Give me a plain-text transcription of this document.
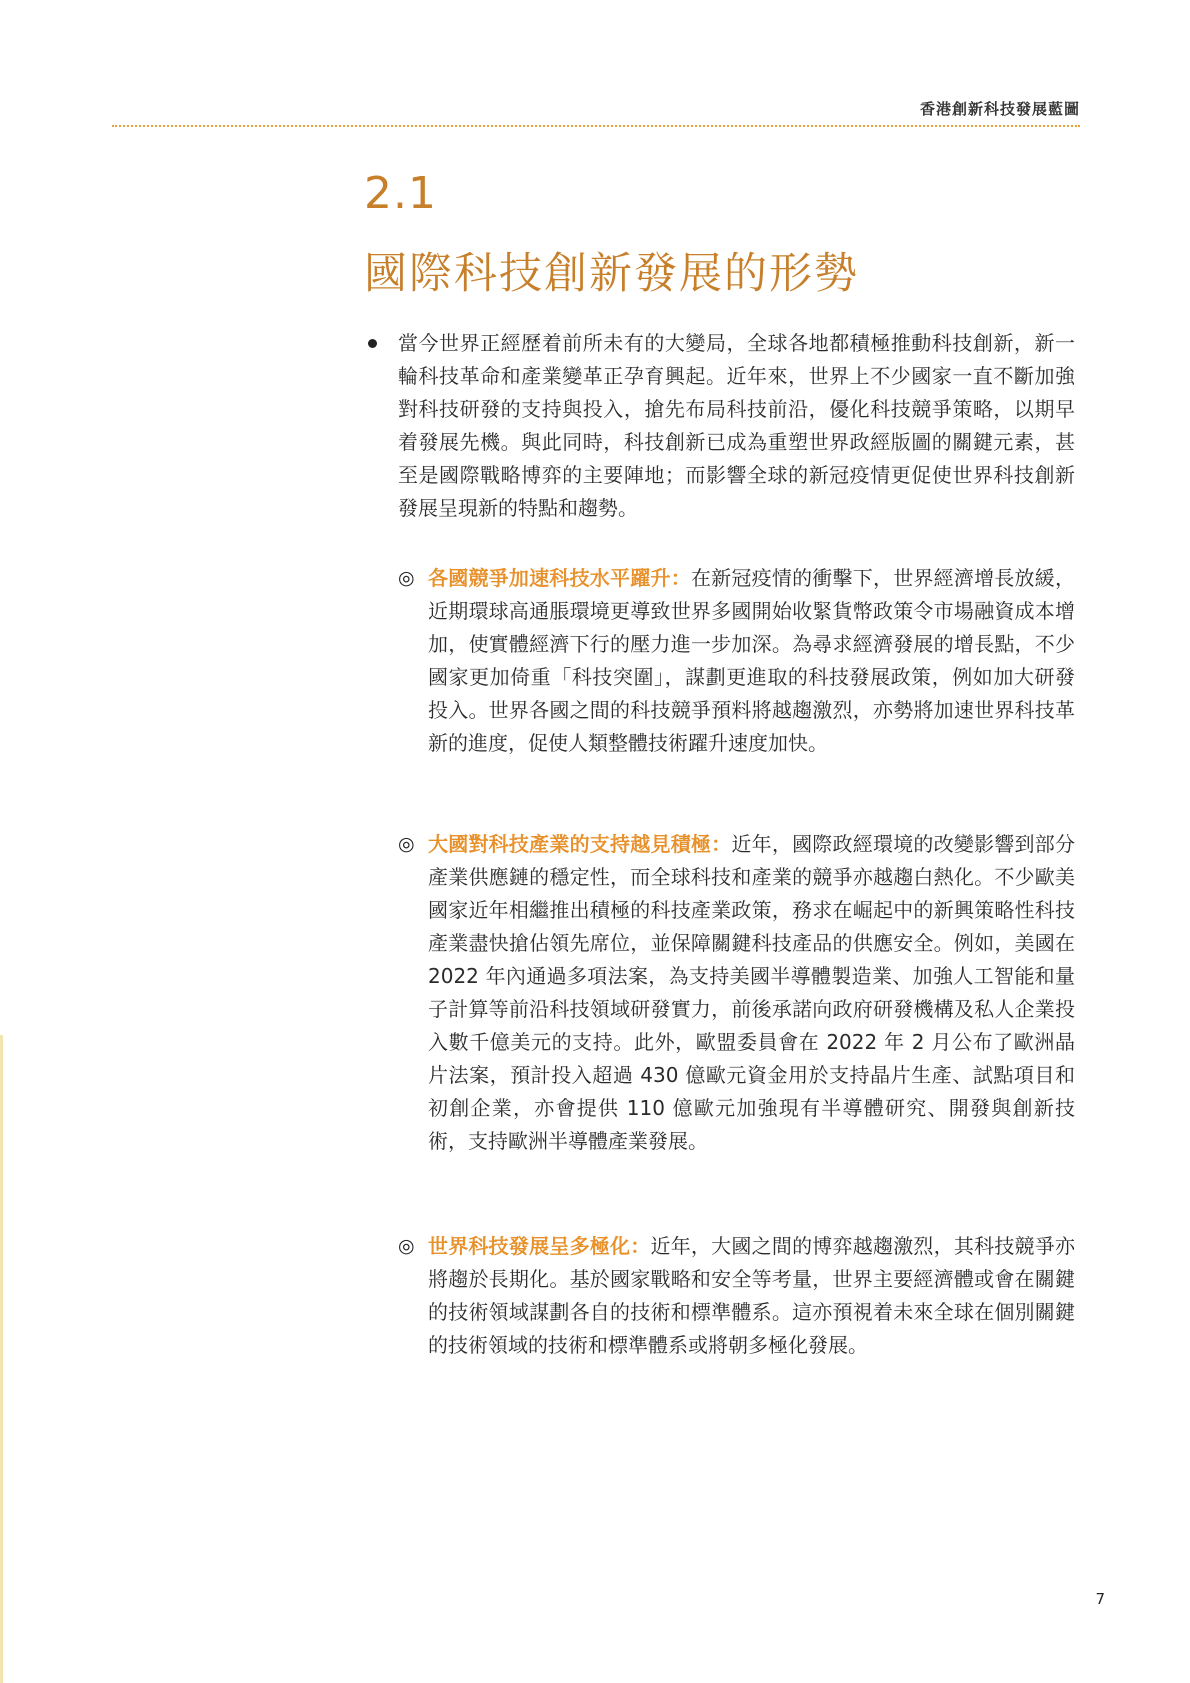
香港創新科技發展藍圖
2.1
國際科技創新發展的形勢
當今世界正經歷着前所未有的大變局，全球各地都積極推動科技創新，新一輪科技革命和產業變革正孕育興起。近年來，世界上不少國家一直不斷加強對科技研發的支持與投入，搶先布局科技前沿，優化科技競爭策略，以期早着發展先機。與此同時，科技創新已成為重塑世界政經版圖的關鍵元素，甚至是國際戰略博弈的主要陣地；而影響全球的新冠疫情更促使世界科技創新發展呈現新的特點和趨勢。
◎ 各國競爭加速科技水平躍升：在新冠疫情的衝擊下，世界經濟增長放緩，近期環球高通脹環境更導致世界多國開始收緊貨幣政策令市場融資成本增加，使實體經濟下行的壓力進一步加深。為尋求經濟發展的增長點，不少國家更加倚重「科技突圍」，謀劃更進取的科技發展政策，例如加大研發投入。世界各國之間的科技競爭預料將越趨激烈，亦勢將加速世界科技革新的進度，促使人類整體技術躍升速度加快。
◎ 大國對科技產業的支持越見積極：近年，國際政經環境的改變影響到部分產業供應鏈的穩定性，而全球科技和產業的競爭亦越趨白熱化。不少歐美國家近年相繼推出積極的科技產業政策，務求在崛起中的新興策略性科技產業盡快搶佔領先席位，並保障關鍵科技產品的供應安全。例如，美國在 2022 年內通過多項法案，為支持美國半導體製造業、加強人工智能和量子計算等前沿科技領域研發實力，前後承諾向政府研發機構及私人企業投入數千億美元的支持。此外，歐盟委員會在 2022 年 2 月公布了歐洲晶片法案，預計投入超過 430 億歐元資金用於支持晶片生產、試點項目和初創企業，亦會提供 110 億歐元加強現有半導體研究、開發與創新技術，支持歐洲半導體產業發展。
◎ 世界科技發展呈多極化：近年，大國之間的博弈越趨激烈，其科技競爭亦將趨於長期化。基於國家戰略和安全等考量，世界主要經濟體或會在關鍵的技術領域謀劃各自的技術和標準體系。這亦預視着未來全球在個別關鍵的技術領域的技術和標準體系或將朝多極化發展。
7
